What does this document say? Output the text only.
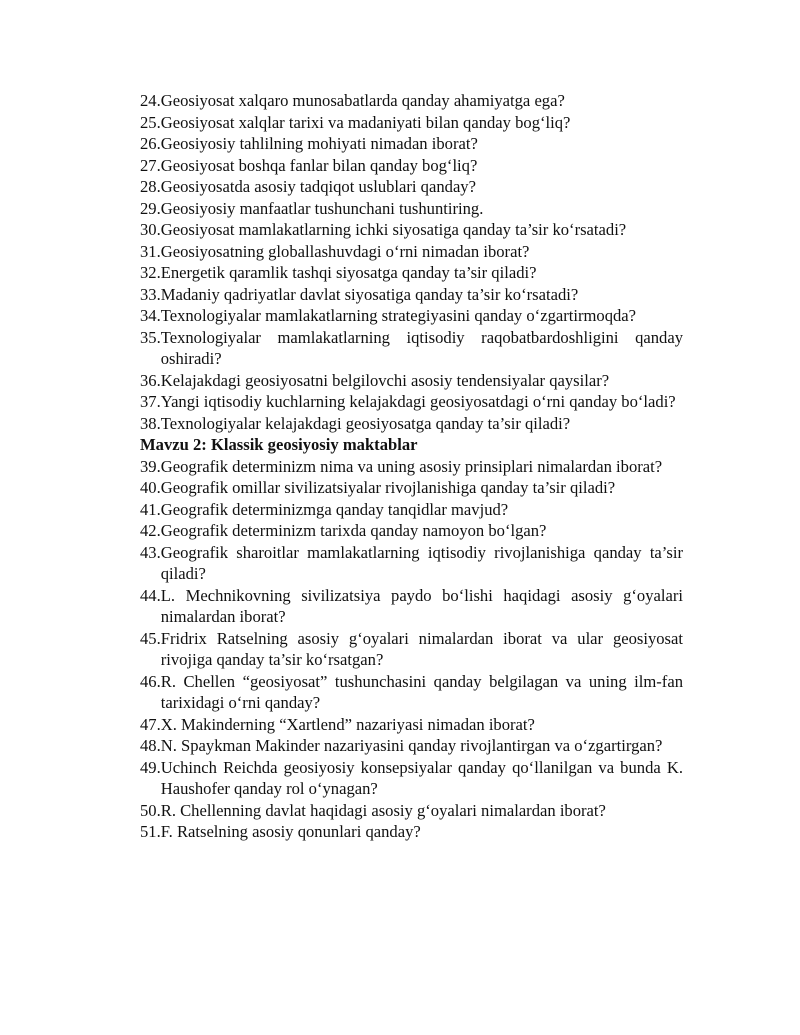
24. Geosiyosat xalqaro munosabatlarda qanday ahamiyatga ega?
25. Geosiyosat xalqlar tarixi va madaniyati bilan qanday bog‘liq?
26. Geosiyosiy tahlilning mohiyati nimadan iborat?
27. Geosiyosat boshqa fanlar bilan qanday bog‘liq?
28. Geosiyosatda asosiy tadqiqot uslublari qanday?
29. Geosiyosiy manfaatlar tushunchani tushuntiring.
30. Geosiyosat mamlakatlarning ichki siyosatiga qanday ta’sir ko‘rsatadi?
31. Geosiyosatning globallashuvdagi o‘rni nimadan iborat?
32. Energetik qaramlik tashqi siyosatga qanday ta’sir qiladi?
33. Madaniy qadriyatlar davlat siyosatiga qanday ta’sir ko‘rsatadi?
34. Texnologiyalar mamlakatlarning strategiyasini qanday o‘zgartirmoqda?
35. Texnologiyalar mamlakatlarning iqtisodiy raqobatbardoshligini qanday oshiradi?
36. Kelajakdagi geosiyosatni belgilovchi asosiy tendensiyalar qaysilar?
37. Yangi iqtisodiy kuchlarning kelajakdagi geosiyosatdagi o‘rni qanday bo‘ladi?
38. Texnologiyalar kelajakdagi geosiyosatga qanday ta’sir qiladi?
Mavzu 2: Klassik geosiyosiy maktablar
39. Geografik determinizm nima va uning asosiy prinsiplari nimalardan iborat?
40. Geografik omillar sivilizatsiyalar rivojlanishiga qanday ta’sir qiladi?
41. Geografik determinizmga qanday tanqidlar mavjud?
42. Geografik determinizm tarixda qanday namoyon bo‘lgan?
43. Geografik sharoitlar mamlakatlarning iqtisodiy rivojlanishiga qanday ta’sir qiladi?
44. L. Mechnikovning sivilizatsiya paydo bo‘lishi haqidagi asosiy g‘oyalari nimalardan iborat?
45. Fridrix Ratselning asosiy g‘oyalari nimalardan iborat va ular geosiyosat rivojiga qanday ta’sir ko‘rsatgan?
46. R. Chellen “geosiyosat” tushunchasini qanday belgilagan va uning ilm-fan tarixidagi o‘rni qanday?
47. X. Makinderning “Xartlend” nazariyasi nimadan iborat?
48. N. Spaykman Makinder nazariyasini qanday rivojlantirgan va o‘zgartirgan?
49. Uchinch Reichda geosiyosiy konsepsiyalar qanday qo‘llanilgan va bunda K. Haushofer qanday rol o‘ynagan?
50. R. Chellenning davlat haqidagi asosiy g‘oyalari nimalardan iborat?
51. F. Ratselning asosiy qonunlari qanday?
